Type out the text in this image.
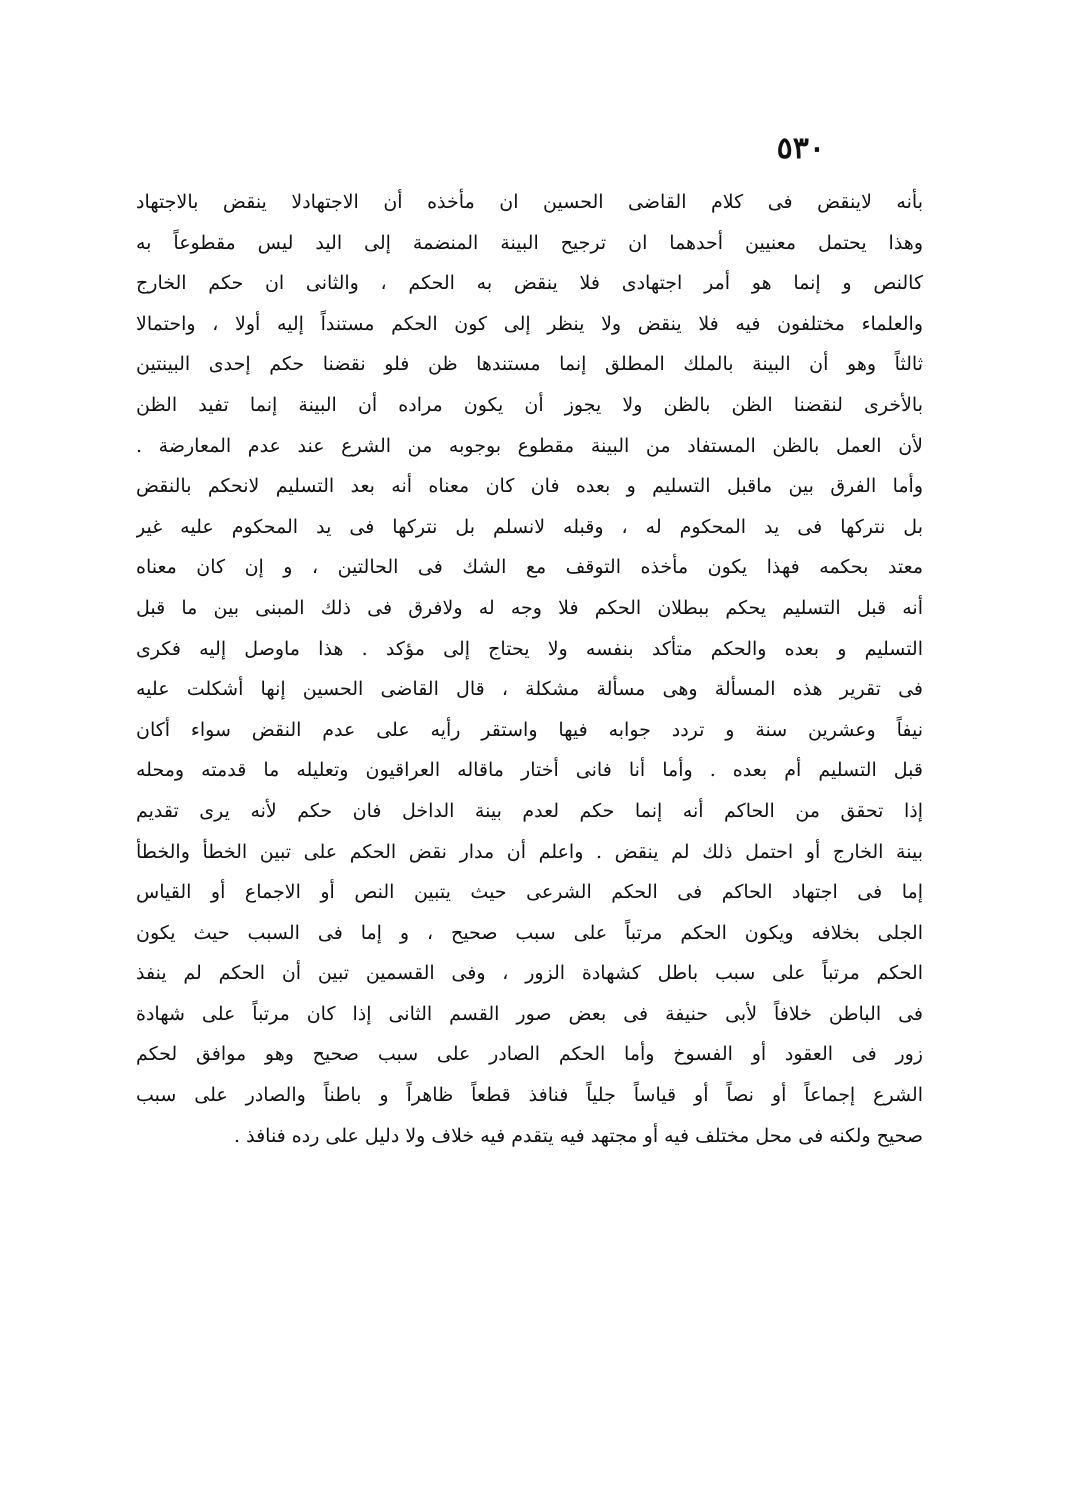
٥٣٠
بأنه لاينقض فى كلام القاضى الحسين ان مأخذه أن الاجتهادلا ينقض بالاجتهاد
وهذا يحتمل معنيين أحدهما ان ترجيح البينة المنضمة إلى اليد ليس مقطوعاً به
كالنص و إنما هو أمر اجتهادى فلا ينقض به الحكم ، والثانى ان حكم الخارج
والعلماء مختلفون فيه فلا ينقض ولا ينظر إلى كون الحكم مستنداً إليه أولا ، واحتمالا
ثالثاً وهو أن البينة بالملك المطلق إنما مستندها ظن فلو نقضنا حكم إحدى البينتين
بالأخرى لنقضنا الظن بالظن ولا يجوز أن يكون مراده أن البينة إنما تفيد الظن
لأن العمل بالظن المستفاد من البينة مقطوع بوجوبه من الشرع عند عدم المعارضة .
وأما الفرق بين ماقبل التسليم و بعده فان كان معناه أنه بعد التسليم لانحكم بالنقض
بل نتركها فى يد المحكوم له ، وقبله لانسلم بل نتركها فى يد المحكوم عليه غير
معتد بحكمه فهذا يكون مأخذه التوقف مع الشك فى الحالتين ، و إن كان معناه
أنه قبل التسليم يحكم ببطلان الحكم فلا وجه له ولافرق فى ذلك المبنى بين ما قبل
التسليم و بعده والحكم متأكد بنفسه ولا يحتاج إلى مؤكد . هذا ماوصل إليه فكرى
فى تقرير هذه المسألة وهى مسألة مشكلة ، قال القاضى الحسين إنها أشكلت عليه
نيفاً وعشرين سنة و تردد جوابه فيها واستقر رأيه على عدم النقض سواء أكان
قبل التسليم أم بعده . وأما أنا فانى أختار ماقاله العراقيون وتعليله ما قدمته ومحله
إذا تحقق من الحاكم أنه إنما حكم لعدم بينة الداخل فان حكم لأنه يرى تقديم
بينة الخارج أو احتمل ذلك لم ينقض . واعلم أن مدار نقض الحكم على تبين الخطأ والخطأ
إما فى اجتهاد الحاكم فى الحكم الشرعى حيث يتبين النص أو الاجماع أو القياس
الجلى بخلافه ويكون الحكم مرتباً على سبب صحيح ، و إما فى السبب حيث يكون
الحكم مرتباً على سبب باطل كشهادة الزور ، وفى القسمين تبين أن الحكم لم ينفذ
فى الباطن خلافاً لأبى حنيفة فى بعض صور القسم الثانى إذا كان مرتباً على شهادة
زور فى العقود أو الفسوخ وأما الحكم الصادر على سبب صحيح وهو موافق لحكم
الشرع إجماعاً أو نصاً أو قياساً جلياً فنافذ قطعاً ظاهراً و باطناً والصادر على سبب
صحيح ولكنه فى محل مختلف فيه أو مجتهد فيه يتقدم فيه خلاف ولا دليل على رده فنافذ .
